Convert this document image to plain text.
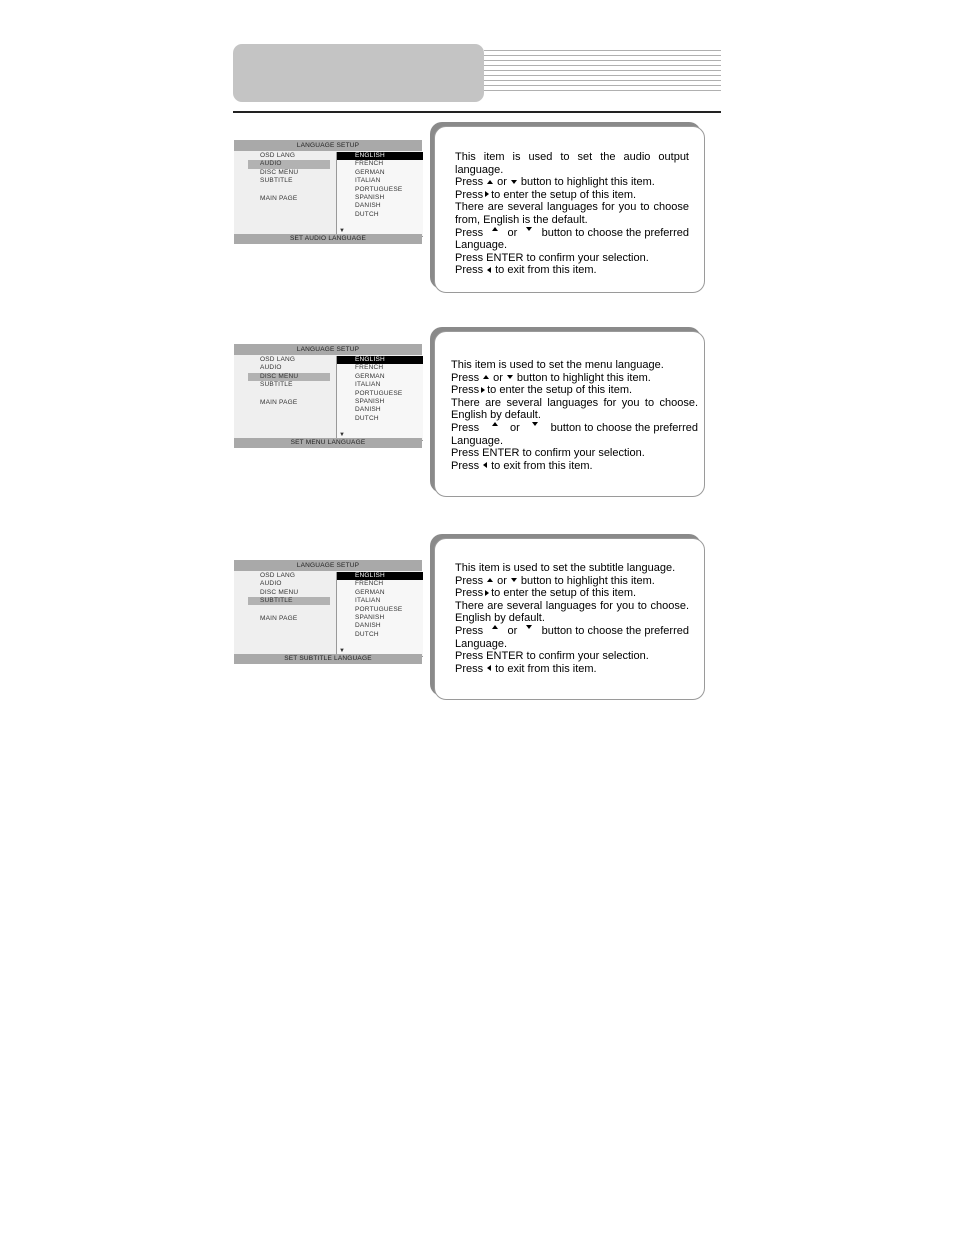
LANGUAGE SETUP
OSD LANG
AUDIO
DISC MENU
SUBTITLE
MAIN PAGE
ENGLISH
FRENCH
GERMAN
ITALIAN
PORTUGUESE
SPANISH
DANISH
DUTCH
▼
SET AUDIO LANGUAGE
This item is used to set the audio output
language.
Press or button to highlight this item.
Press to enter the setup of this item.
There are several languages for you to choose
from, English is the default.
Press or button to choose the preferred
Language.
Press ENTER to confirm your selection.
Press to exit from this item.
LANGUAGE SETUP
OSD LANG
AUDIO
DISC MENU
SUBTITLE
MAIN PAGE
ENGLISH
FRENCH
GERMAN
ITALIAN
PORTUGUESE
SPANISH
DANISH
DUTCH
▼
SET MENU LANGUAGE
This item is used to set the menu language.
Press or button to highlight this item.
Press to enter the setup of this item.
There are several languages for you to choose.
English by default.
Press	or	button to choose the preferred
Language.
Press ENTER to confirm your selection.
Press to exit from this item.
LANGUAGE SETUP
OSD LANG
AUDIO
DISC MENU
SUBTITLE
MAIN PAGE
ENGLISH
FRENCH
GERMAN
ITALIAN
PORTUGUESE
SPANISH
DANISH
DUTCH
▼
SET SUBTITLE LANGUAGE
This item is used to set the subtitle language.
Press or button to highlight this item.
Press to enter the setup of this item.
There are several languages for you to choose.
English by default.
Press or button to choose the preferred
Language.
Press ENTER to confirm your selection.
Press to exit from this item.
